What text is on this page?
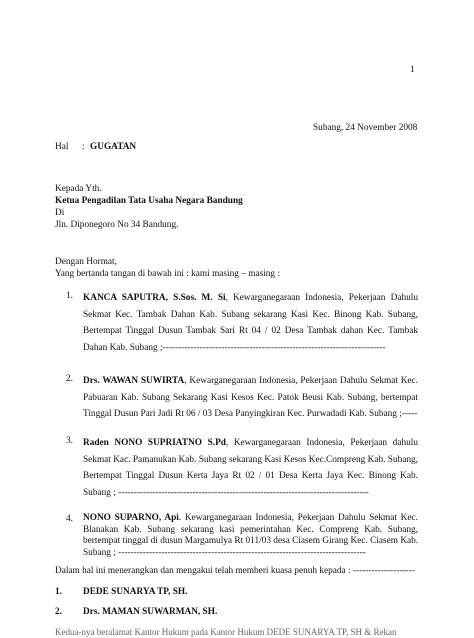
1
Subang, 24 November 2008
Hal : GUGATAN
Kepada Yth.
Ketua Pengadilan Tata Usaha Negara Bandung
Di
Jln. Diponegoro No 34 Bandung.
Dengan Hormat,
Yang bertanda tangan di bawah ini : kami masing – masing :
1. KANCA SAPUTRA, S.Sos. M. Si, Kewarganegaraan Indonesia, Pekerjaan Dahulu
Sekmat Kec. Tambak Dahan Kab. Subang sekarang Kasi Kec. Binong Kab. Subang,
Bertempat Tinggal Dusun Tambak Sari Rt 04 / 02 Desa Tambak dahan Kec. Tambak
Dahan Kab. Subang ;------------------------------------------------------------------------
2. Drs. WAWAN SUWIRTA, Kewarganegaraan Indonesia, Pekerjaan Dahulu Sekmat Kec.
Pabuaran Kab. Subang Sekarang Kasi Kesos Kec. Patok Beusi Kab. Subang, bertempat
Tinggal Dusun Pari Jadi Rt 06 / 03 Desa Panyingkiran Kec. Purwadadi Kab. Subang ;-----
3. Raden NONO SUPRIATNO S.Pd, Kewarganegaraan Indonesia, Pekerjaan dahulu
Sekmat Kac. Pamanukan Kab. Subang sekarang Kasi Kesos Kec.Compreng Kab. Subang,
Bertempat Tinggal Dusun Kerta Jaya Rt 02 / 01 Desa Kerta Jaya Kec. Binong Kab.
Subang ; ---------------------------------------------------------------------------------
4. NONO SUPARNO, Api. Kewarganegaraan Indonesia, Pekerjaan Dahulu Sekmat Kec.
Blanakan Kab. Subang sekarang kasi pemerintahan Kec. Compreng Kab. Subang,
bertempat tinggal di dusun Margamulya Rt 011/03 desa Ciasem Girang Kec. Ciasem Kab.
Subang ; --------------------------------------------------------------------------------
Dalam hal ini menerangkan dan mengakui telah memberi kuasa penuh kepada : --------------------
1. DEDE SUNARYA TP, SH.
2. Drs. MAMAN SUWARMAN, SH.
Kedua-nya beralamat Kantor Hukum pada Kantor Hukum DEDE SUNARYA TP, SH & Rekan
